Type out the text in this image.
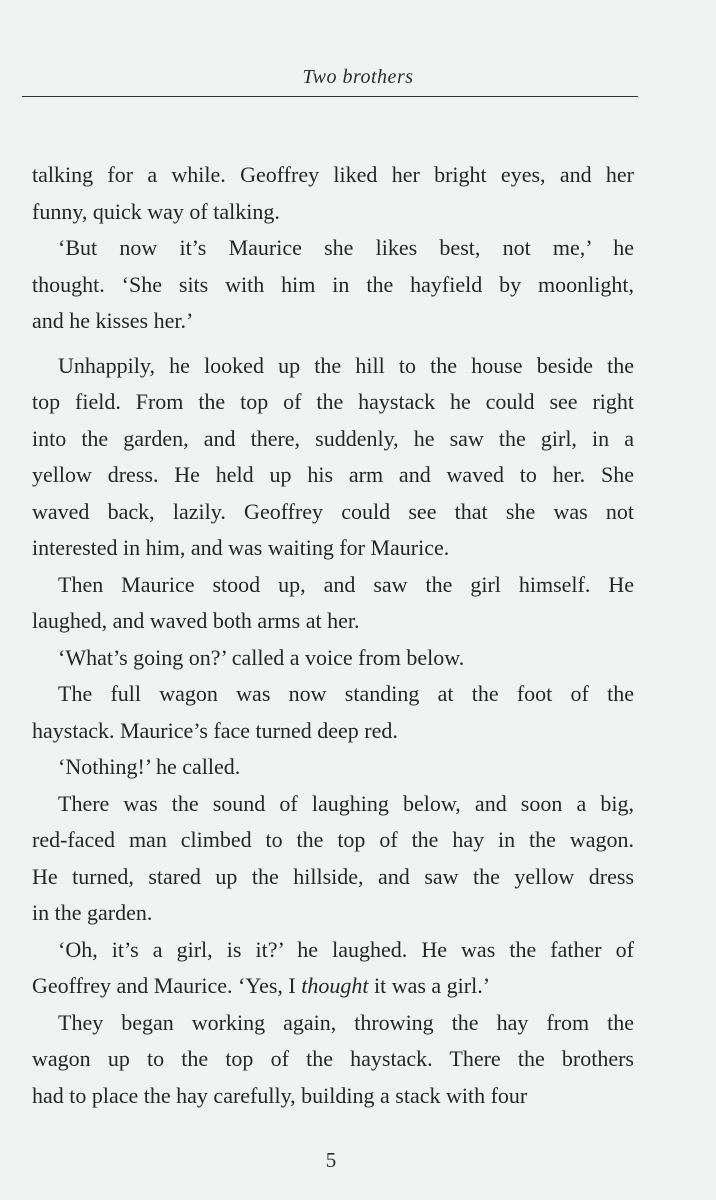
Two brothers
talking for a while. Geoffrey liked her bright eyes, and her
funny, quick way of talking.
‘But now it’s Maurice she likes best, not me,’ he
thought. ‘She sits with him in the hayfield by moonlight,
and he kisses her.’
Unhappily, he looked up the hill to the house beside the
top field. From the top of the haystack he could see right
into the garden, and there, suddenly, he saw the girl, in a
yellow dress. He held up his arm and waved to her. She
waved back, lazily. Geoffrey could see that she was not
interested in him, and was waiting for Maurice.
Then Maurice stood up, and saw the girl himself. He
laughed, and waved both arms at her.
‘What’s going on?’ called a voice from below.
The full wagon was now standing at the foot of the
haystack. Maurice’s face turned deep red.
‘Nothing!’ he called.
There was the sound of laughing below, and soon a big,
red-faced man climbed to the top of the hay in the wagon.
He turned, stared up the hillside, and saw the yellow dress
in the garden.
‘Oh, it’s a girl, is it?’ he laughed. He was the father of
Geoffrey and Maurice. ‘Yes, I thought it was a girl.’
They began working again, throwing the hay from the
wagon up to the top of the haystack. There the brothers
had to place the hay carefully, building a stack with four
5
